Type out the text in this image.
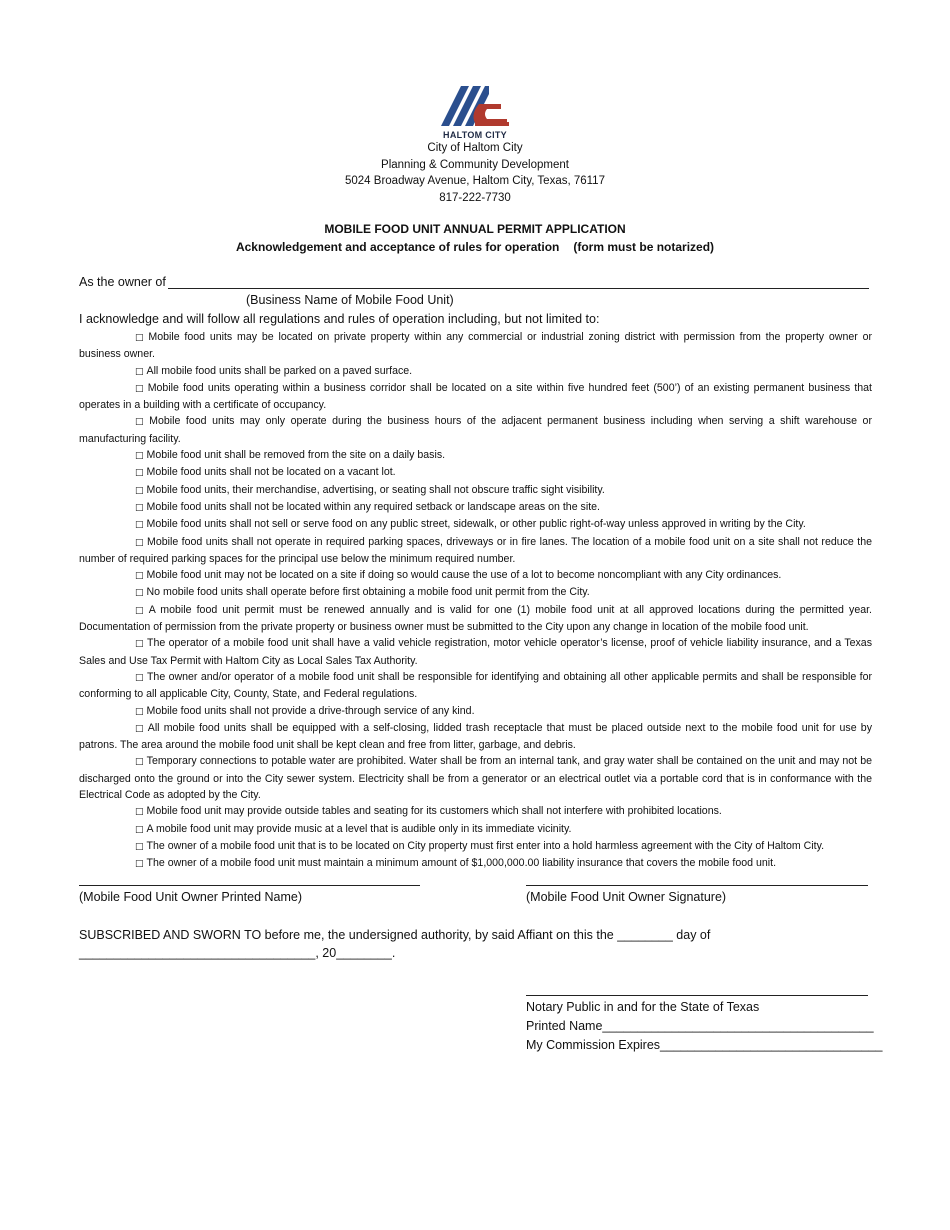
HALTOM CITY
City of Haltom City
Planning & Community Development
5024 Broadway Avenue, Haltom City, Texas, 76117
817-222-7730
MOBILE FOOD UNIT ANNUAL PERMIT APPLICATION
Acknowledgement and acceptance of rules for operation (form must be notarized)
As the owner of
(Business Name of Mobile Food Unit)
I acknowledge and will follow all regulations and rules of operation including, but not limited to:
□ Mobile food units may be located on private property within any commercial or industrial zoning district with permission from the property owner or business owner.
□ All mobile food units shall be parked on a paved surface.
□ Mobile food units operating within a business corridor shall be located on a site within five hundred feet (500’) of an existing permanent business that operates in a building with a certificate of occupancy.
□ Mobile food units may only operate during the business hours of the adjacent permanent business including when serving a shift warehouse or manufacturing facility.
□ Mobile food unit shall be removed from the site on a daily basis.
□ Mobile food units shall not be located on a vacant lot.
□ Mobile food units, their merchandise, advertising, or seating shall not obscure traffic sight visibility.
□ Mobile food units shall not be located within any required setback or landscape areas on the site.
□ Mobile food units shall not sell or serve food on any public street, sidewalk, or other public right-of-way unless approved in writing by the City.
□ Mobile food units shall not operate in required parking spaces, driveways or in fire lanes. The location of a mobile food unit on a site shall not reduce the number of required parking spaces for the principal use below the minimum required number.
□ Mobile food unit may not be located on a site if doing so would cause the use of a lot to become noncompliant with any City ordinances.
□ No mobile food units shall operate before first obtaining a mobile food unit permit from the City.
□ A mobile food unit permit must be renewed annually and is valid for one (1) mobile food unit at all approved locations during the permitted year. Documentation of permission from the private property or business owner must be submitted to the City upon any change in location of the mobile food unit.
□ The operator of a mobile food unit shall have a valid vehicle registration, motor vehicle operator’s license, proof of vehicle liability insurance, and a Texas Sales and Use Tax Permit with Haltom City as Local Sales Tax Authority.
□ The owner and/or operator of a mobile food unit shall be responsible for identifying and obtaining all other applicable permits and shall be responsible for conforming to all applicable City, County, State, and Federal regulations.
□ Mobile food units shall not provide a drive-through service of any kind.
□ All mobile food units shall be equipped with a self-closing, lidded trash receptacle that must be placed outside next to the mobile food unit for use by patrons. The area around the mobile food unit shall be kept clean and free from litter, garbage, and debris.
□ Temporary connections to potable water are prohibited. Water shall be from an internal tank, and gray water shall be contained on the unit and may not be discharged onto the ground or into the City sewer system. Electricity shall be from a generator or an electrical outlet via a portable cord that is in conformance with the Electrical Code as adopted by the City.
□ Mobile food unit may provide outside tables and seating for its customers which shall not interfere with prohibited locations.
□ A mobile food unit may provide music at a level that is audible only in its immediate vicinity.
□ The owner of a mobile food unit that is to be located on City property must first enter into a hold harmless agreement with the City of Haltom City.
□ The owner of a mobile food unit must maintain a minimum amount of $1,000,000.00 liability insurance that covers the mobile food unit.
(Mobile Food Unit Owner Printed Name)	(Mobile Food Unit Owner Signature)
SUBSCRIBED AND SWORN TO before me, the undersigned authority, by said Affiant on this the ________ day of
__________________________________, 20________.
Notary Public in and for the State of Texas
Printed Name_______________________________________
My Commission Expires________________________________
